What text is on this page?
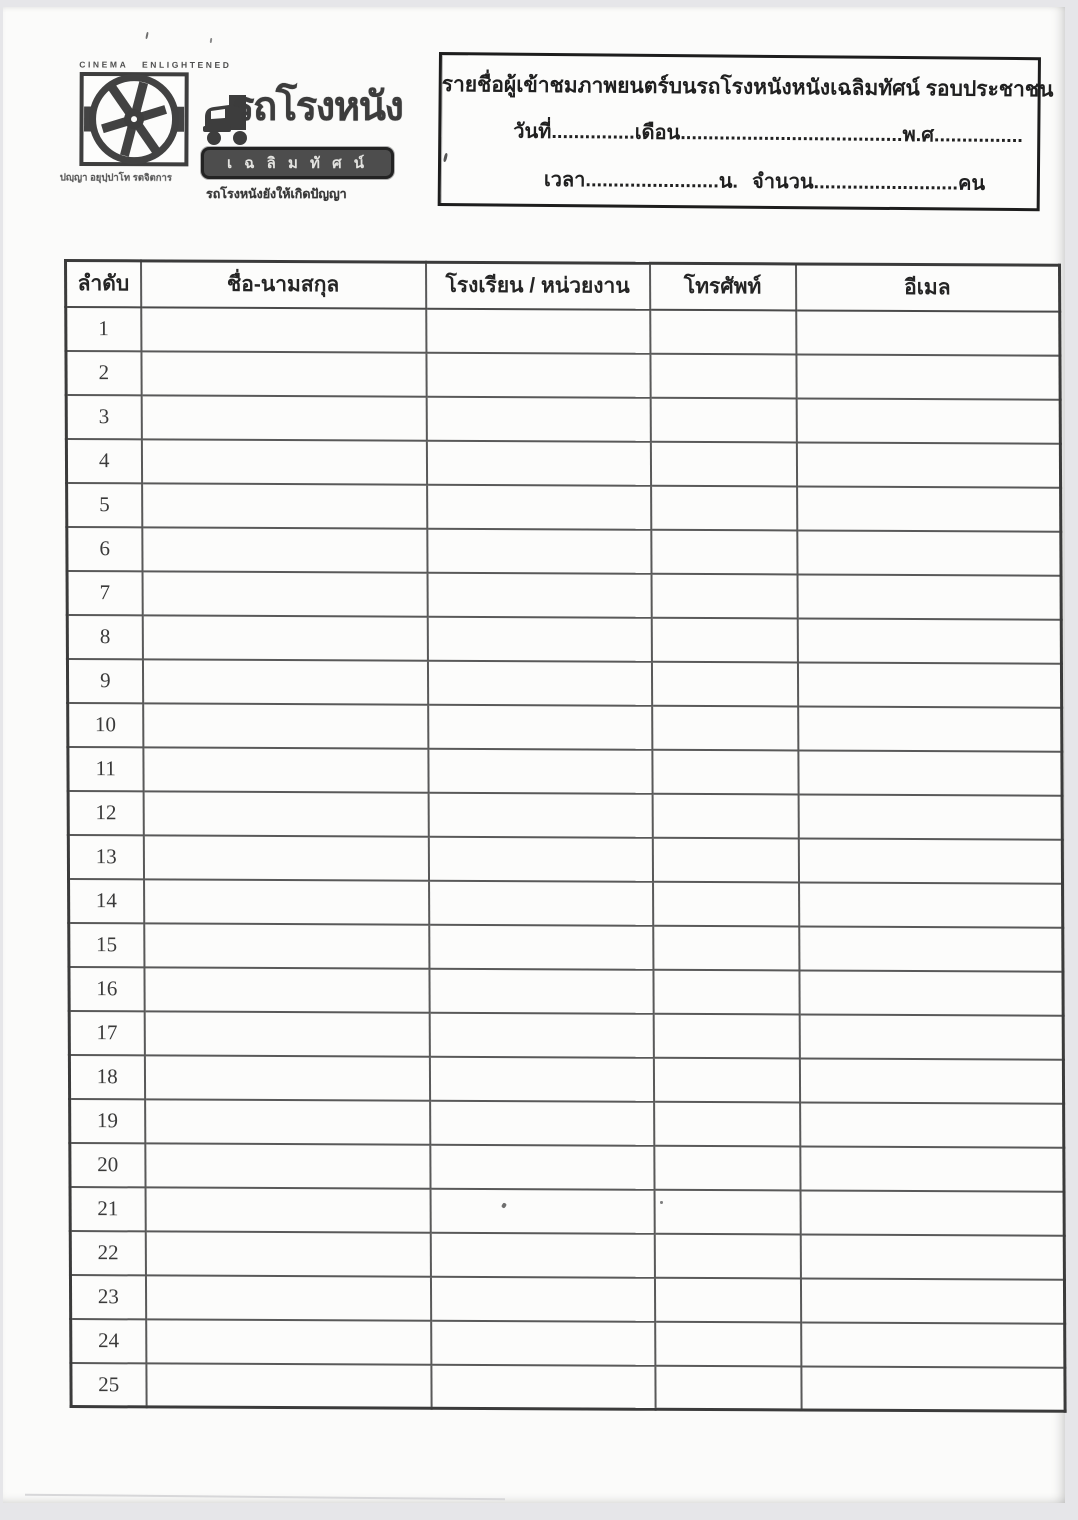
CINEMA ENLIGHTENED
ปญฺญา อยุปฺปาโท รตจิตการ
รถโรงหนัง
เ ฉ ลิ ม ทั ศ น์
รถโรงหนังยังให้เกิดปัญญา
รายชื่อผู้เข้าชมภาพยนตร์บนรถโรงหนังหนังเฉลิมทัศน์ รอบประชาชน
วันที่...............เดือน........................................พ.ศ................
เวลา........................น. จำนวน..........................คน
ลำดับ	ชื่อ-นามสกุล	โรงเรียน / หน่วยงาน	โทรศัพท์	อีเมล
1				
2				
3				
4				
5				
6				
7				
8				
9				
10				
11				
12				
13				
14				
15				
16				
17				
18				
19				
20				
21				
22				
23				
24				
25				
